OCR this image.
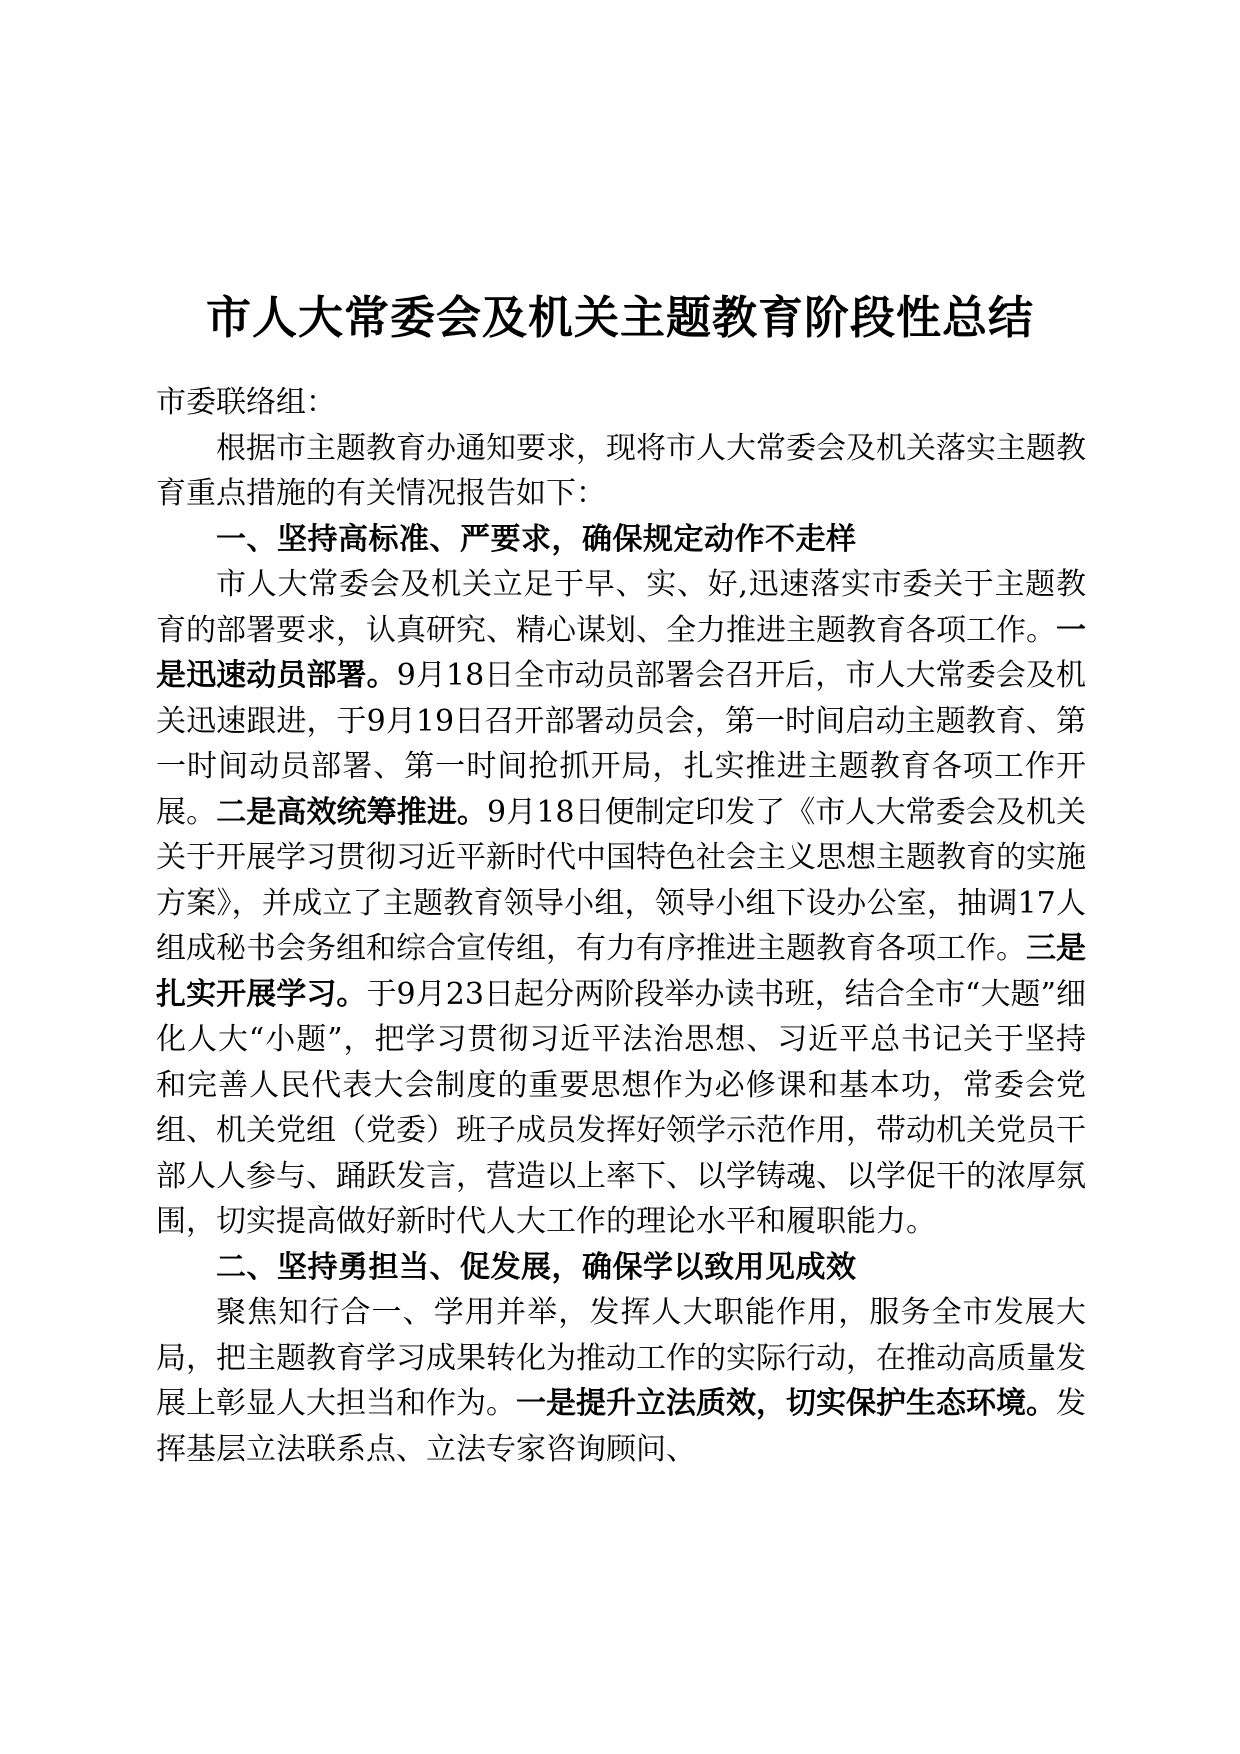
市人大常委会及机关主题教育阶段性总结

市委联络组：

根据市主题教育办通知要求，现将市人大常委会及机关落实主题教育重点措施的有关情况报告如下：

一、坚持高标准、严要求，确保规定动作不走样

市人大常委会及机关立足于早、实、好,迅速落实市委关于主题教育的部署要求，认真研究、精心谋划、全力推进主题教育各项工作。一是迅速动员部署。9月18日全市动员部署会召开后，市人大常委会及机关迅速跟进，于9月19日召开部署动员会，第一时间启动主题教育、第一时间动员部署、第一时间抢抓开局，扎实推进主题教育各项工作开展。二是高效统筹推进。9月18日便制定印发了《市人大常委会及机关关于开展学习贯彻习近平新时代中国特色社会主义思想主题教育的实施方案》，并成立了主题教育领导小组，领导小组下设办公室，抽调17人组成秘书会务组和综合宣传组，有力有序推进主题教育各项工作。三是扎实开展学习。于9月23日起分两阶段举办读书班，结合全市“大题”细化人大“小题”，把学习贯彻习近平法治思想、习近平总书记关于坚持和完善人民代表大会制度的重要思想作为必修课和基本功，常委会党组、机关党组（党委）班子成员发挥好领学示范作用，带动机关党员干部人人参与、踊跃发言，营造以上率下、以学铸魂、以学促干的浓厚氛围，切实提高做好新时代人大工作的理论水平和履职能力。

二、坚持勇担当、促发展，确保学以致用见成效

聚焦知行合一、学用并举，发挥人大职能作用，服务全市发展大局，把主题教育学习成果转化为推动工作的实际行动，在推动高质量发展上彰显人大担当和作为。一是提升立法质效，切实保护生态环境。发挥基层立法联系点、立法专家咨询顾问、
